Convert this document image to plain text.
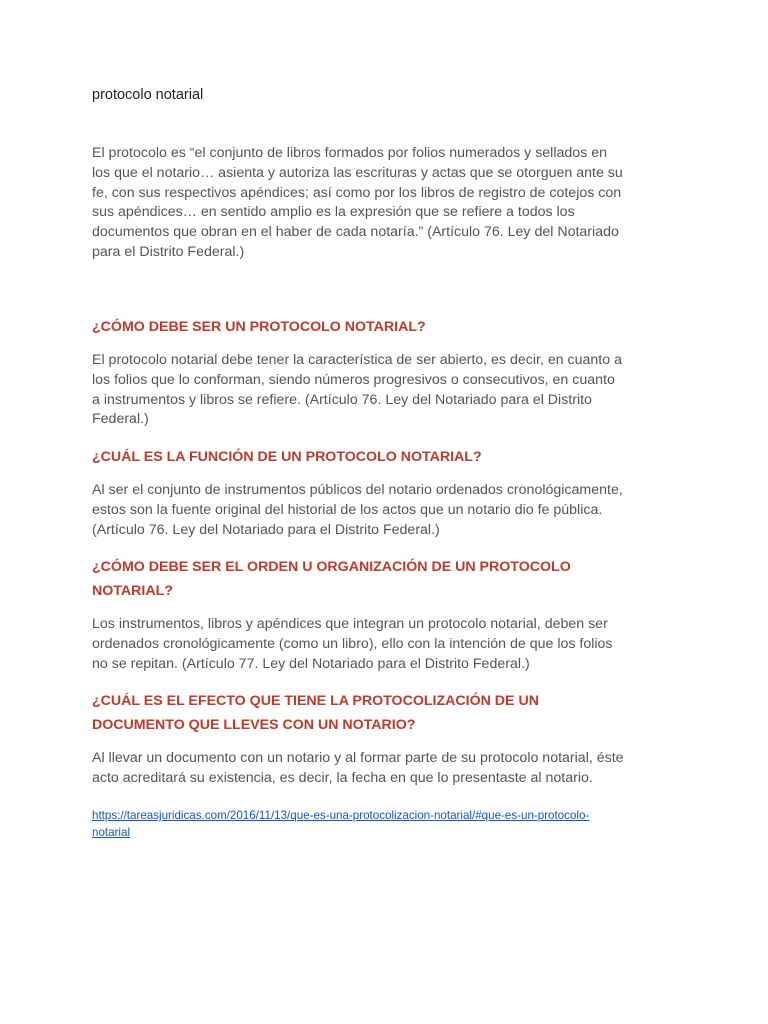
protocolo notarial

El protocolo es “el conjunto de libros formados por folios numerados y sellados en
los que el notario… asienta y autoriza las escrituras y actas que se otorguen ante su
fe, con sus respectivos apéndices; así como por los libros de registro de cotejos con
sus apéndices… en sentido amplio es la expresión que se refiere a todos los
documentos que obran en el haber de cada notaría.” (Artículo 76. Ley del Notariado
para el Distrito Federal.)

¿CÓMO DEBE SER UN PROTOCOLO NOTARIAL?

El protocolo notarial debe tener la característica de ser abierto, es decir, en cuanto a
los folios que lo conforman, siendo números progresivos o consecutivos, en cuanto
a instrumentos y libros se refiere. (Artículo 76. Ley del Notariado para el Distrito
Federal.)

¿CUÁL ES LA FUNCIÓN DE UN PROTOCOLO NOTARIAL?

Al ser el conjunto de instrumentos públicos del notario ordenados cronológicamente,
estos son la fuente original del historial de los actos que un notario dio fe pública.
(Artículo 76. Ley del Notariado para el Distrito Federal.)

¿CÓMO DEBE SER EL ORDEN U ORGANIZACIÓN DE UN PROTOCOLO
NOTARIAL?

Los instrumentos, libros y apéndices que integran un protocolo notarial, deben ser
ordenados cronológicamente (como un libro), ello con la intención de que los folios
no se repitan. (Artículo 77. Ley del Notariado para el Distrito Federal.)

¿CUÁL ES EL EFECTO QUE TIENE LA PROTOCOLIZACIÓN DE UN
DOCUMENTO QUE LLEVES CON UN NOTARIO?

Al llevar un documento con un notario y al formar parte de su protocolo notarial, éste
acto acreditará su existencia, es decir, la fecha en que lo presentaste al notario.

https://tareasjuridicas.com/2016/11/13/que-es-una-protocolizacion-notarial/#que-es-un-protocolo-
notarial
